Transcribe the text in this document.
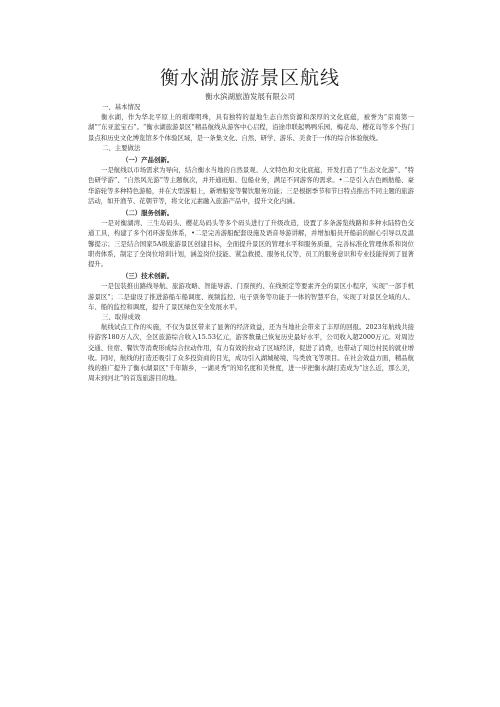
衡水湖旅游景区航线
衡水滨湖旅游发展有限公司
一、基本情况

衡水湖，作为华北平原上的璀璨明珠，具有独特的湿地生态自然资源和深厚的文化底蕴，被誉为“京南第一湖”“东亚蓝宝石”。“衡水湖旅游景区”精品航线从游客中心启程，沿途串联起鸭鸭乐园、梅花岛、樱花岛等多个热门景点和历史文化博览馆多个体验区域，是一条集文化、自然、研学、游乐、美食于一体的综合体验航线。

二、主要做法
（一）产品创新。

一是航线以市场需求为导向，结合衡水当地的自然景观、人文特色和文化底蕴，开发打造了“生态文化游”、“特色研学游”、“自然风光游”等主题航次，并开通班船、包船业务，满足不同游客的需求。•二是引入古色画舫船、豪华游轮等多种特色游船，并在大型游船上，新增船宴等餐饮服务功能；三是根据季节和节日特点推出不同主题的旅游活动，如开渔节、花朝节等，将文化元素融入旅游产品中，提升文化内涵。

（二）服务创新。

一是对衡湖湾、三生岛码头、樱花岛码头等多个码头进行了升级改造，设置了多条游览线路和多种水陆特色交通工具，构建了多个闭环游览体系，•二是完善游船配套设施及语音导游讲解，并增加船员开船前的耐心引导以及温馨提示；三是结合国家5A级旅游景区创建目标，全面提升景区的管理水平和服务质量，完善标准化管理体系和岗位职责体系，制定了全岗位培训计划，涵盖岗位技能、紧急救援、服务礼仪等，员工的服务意识和专业技能得到了显著提升。

（三）技术创新。

一是包装推出路线导航、旅游攻略、智能导游、门票预约、在线预定等要素齐全的景区小程序，实现“一部手机游景区”；二是建设了推进游船车船调度、视频监控、电子票务等功能于一体的智慧平台，实现了对景区全域的人、车、船的监控和调度，提升了景区绿色安全发展水平。

三、取得成效

航线试点工作的实施，不仅为景区带来了显著的经济效益，还为当地社会带来了丰厚的回报。2023年航线共接待游客180万人次，全区旅游综合收入15.53亿元，游客数量已恢复历史最好水平，公司收入超2000万元。对周边交通、住宿、餐饮等消费形成综合拉动作用，有力有效的拉动了区域经济，促进了消费，也带动了周边村民的就业增收。同时，航线的打造还吸引了众多投资商的目光，成功引入湖城秘境、鸟类放飞等项目。在社会效益方面，精品航线的推广提升了衡水湖景区“千年隋乡，一湖灵秀”的知名度和美誉度，进一步把衡水湖打造成为“这么近，那么美，周末到河北”的首选旅游目的地。
